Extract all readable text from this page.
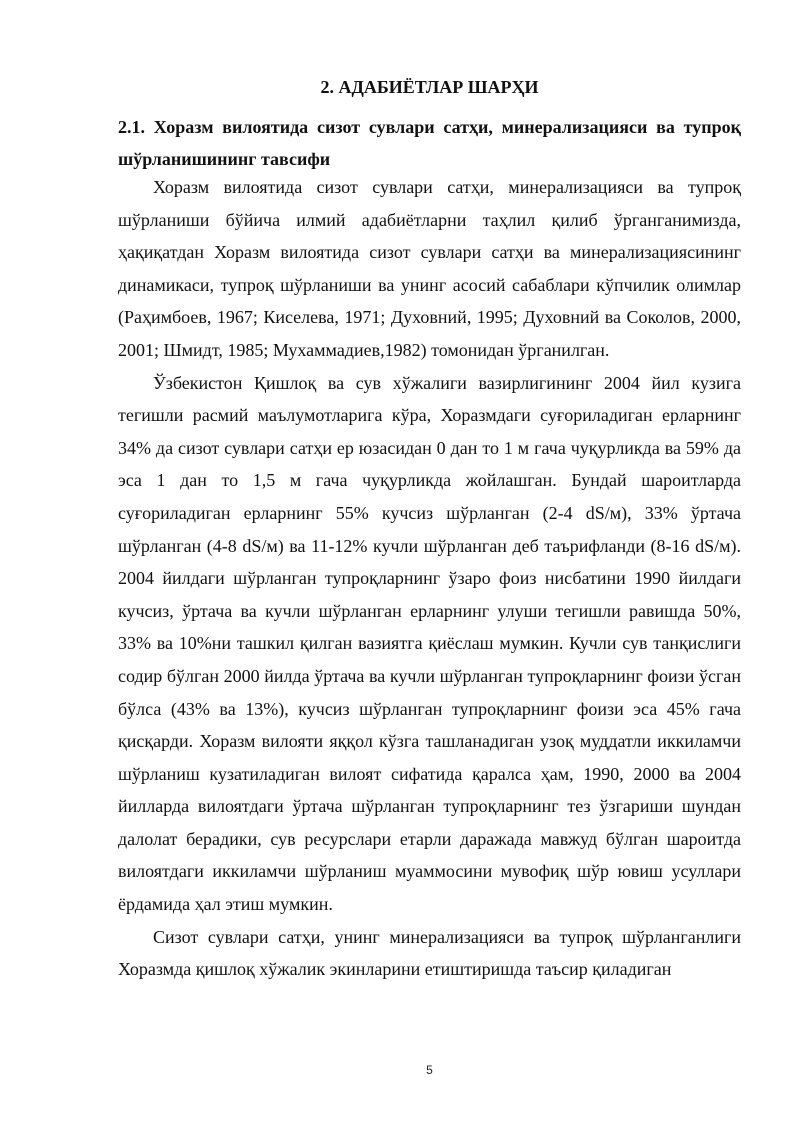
2. АДАБИЁТЛАР ШАРҲИ
2.1. Хоразм вилоятида сизот сувлари сатҳи, минерализацияси ва тупроқ шўрланишининг тавсифи

Хоразм вилоятида сизот сувлари сатҳи, минерализацияси ва тупроқ шўрланиши бўйича илмий адабиётларни таҳлил қилиб ўрганганимизда, ҳақиқатдан Хоразм вилоятида сизот сувлари сатҳи ва минерализациясининг динамикаси, тупроқ шўрланиши ва унинг асосий сабаблари кўпчилик олимлар (Раҳимбоев, 1967; Киселева, 1971; Духовний, 1995; Духовний ва Соколов, 2000, 2001; Шмидт, 1985; Мухаммадиев,1982) томонидан ўрганилган.

Ўзбекистон Қишлоқ ва сув хўжалиги вазирлигининг 2004 йил кузига тегишли расмий маълумотларига кўра, Хоразмдаги суғориладиган ерларнинг 34% да сизот сувлари сатҳи ер юзасидан 0 дан то 1 м гача чуқурликда ва 59% да эса 1 дан то 1,5 м гача чуқурликда жойлашган. Бундай шароитларда суғориладиган ерларнинг 55% кучсиз шўрланган (2-4 dS/м), 33% ўртача шўрланган (4-8 dS/м) ва 11-12% кучли шўрланган деб таърифланди (8-16 dS/м). 2004 йилдаги шўрланган тупроқларнинг ўзаро фоиз нисбатини 1990 йилдаги кучсиз, ўртача ва кучли шўрланган ерларнинг улуши тегишли равишда 50%, 33% ва 10%ни ташкил қилган вазиятга қиёслаш мумкин. Кучли сув танқислиги содир бўлган 2000 йилда ўртача ва кучли шўрланган тупроқларнинг фоизи ўсган бўлса (43% ва 13%), кучсиз шўрланган тупроқларнинг фоизи эса 45% гача қисқарди. Хоразм вилояти яққол кўзга ташланадиган узоқ муддатли иккиламчи шўрланиш кузатиладиган вилоят сифатида қаралса ҳам, 1990, 2000 ва 2004 йилларда вилоятдаги ўртача шўрланган тупроқларнинг тез ўзгариши шундан далолат берадики, сув ресурслари етарли даражада мавжуд бўлган шароитда вилоятдаги иккиламчи шўрланиш муаммосини мувофиқ шўр ювиш усуллари ёрдамида ҳал этиш мумкин.

Сизот сувлари сатҳи, унинг минерализацияси ва тупроқ шўрланганлиги Хоразмда қишлоқ хўжалик экинларини етиштиришда таъсир қиладиган

5
